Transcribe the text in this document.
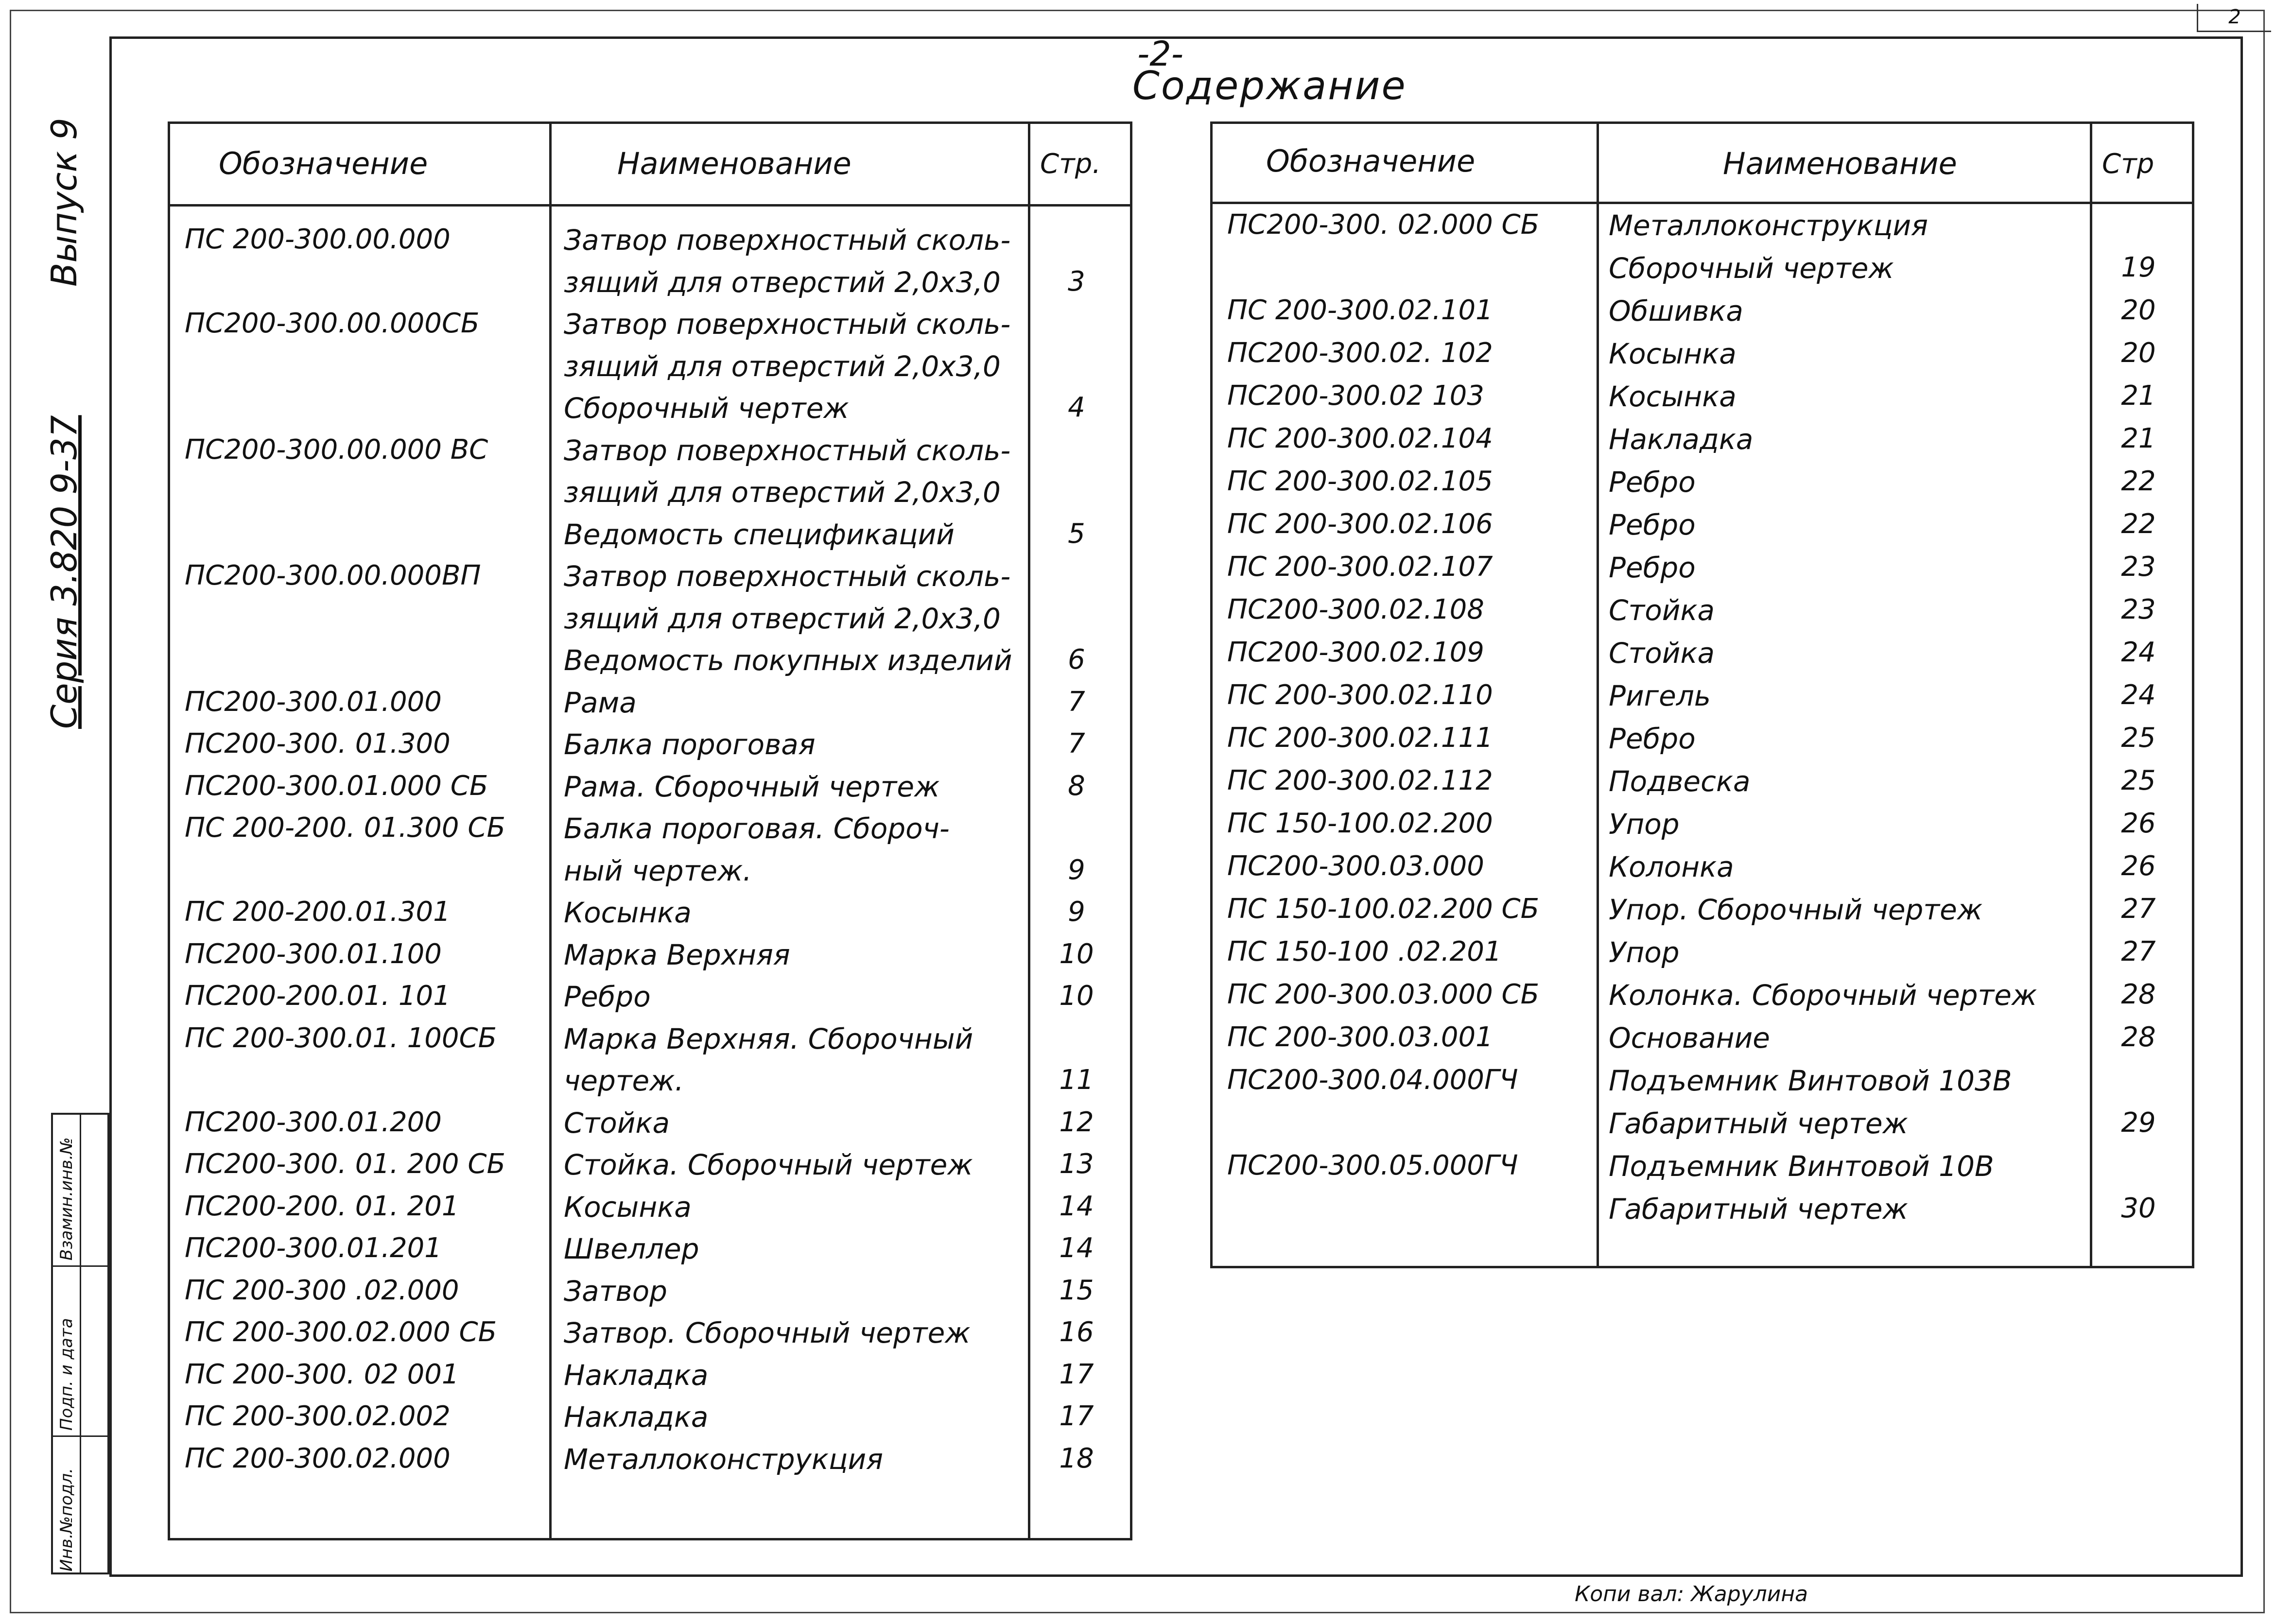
2
-2-
Содержание
Выпуск 9
Серия 3.820 9-37
Взамин.инв.№
Подп. и дата
Инв.№подл.
Обозначение	Наименование	Стр.
ПС 200-300.00.000	Затвор поверхностный сколь-
зящий для отверстий 2,0х3,0	3
ПС200-300.00.000СБ	Затвор поверхностный сколь-
зящий для отверстий 2,0х3,0
Сборочный чертеж	4
ПС200-300.00.000 ВС	Затвор поверхностный сколь-
зящий для отверстий 2,0х3,0
Ведомость спецификаций	5
ПС200-300.00.000ВП	Затвор поверхностный сколь-
зящий для отверстий 2,0х3,0
Ведомость покупных изделий	6
ПС200-300.01.000	Рама	7
ПС200-300. 01.300	Балка пороговая	7
ПС200-300.01.000 СБ	Рама. Сборочный чертеж	8
ПС 200-200. 01.300 СБ Балка пороговая. Сбороч-
ный чертеж.	9
ПС 200-200.01.301	Косынка	9
ПС200-300.01.100	Марка Верхняя	10
ПС200-200.01. 101	Ребро	10
ПС 200-300.01. 100СБ Марка Верхняя. Сборочный
чертеж.	11
ПС200-300.01.200	Стойка	12
ПС200-300. 01. 200 СБ Стойка. Сборочный чертеж	13
ПС200-200. 01. 201	Косынка	14
ПС200-300.01.201	Швеллер	14
ПС 200-300 .02.000	Затвор	15
ПС 200-300.02.000 СБ Затвор. Сборочный чертеж	16
ПС 200-300. 02 001	Накладка	17
ПС 200-300.02.002	Накладка	17
ПС 200-300.02.000	Металлоконструкция	18
Обозначение	Наименование	Стр
ПС200-300. 02.000 СБ Металлоконструкция
Сборочный чертеж	19
ПС 200-300.02.101	Обшивка	20
ПС200-300.02. 102	Косынка	20
ПС200-300.02 103	Косынка	21
ПС 200-300.02.104	Накладка	21
ПС 200-300.02.105	Ребро	22
ПС 200-300.02.106	Ребро	22
ПС 200-300.02.107	Ребро	23
ПС200-300.02.108	Стойка	23
ПС200-300.02.109	Стойка	24
ПС 200-300.02.110	Ригель	24
ПС 200-300.02.111	Ребро	25
ПС 200-300.02.112	Подвеска	25
ПС 150-100.02.200	Упор	26
ПС200-300.03.000	Колонка	26
ПС 150-100.02.200 СБ Упор. Сборочный чертеж	27
ПС 150-100 .02.201	Упор	27
ПС 200-300.03.000 СБ Колонка. Сборочный чертеж	28
ПС 200-300.03.001	Основание	28
ПС200-300.04.000ГЧ	Подъемник Винтовой 103В
Габаритный чертеж	29
ПС200-300.05.000ГЧ	Подъемник Винтовой 10В
Габаритный чертеж	30
Копи вал: Жарулина
